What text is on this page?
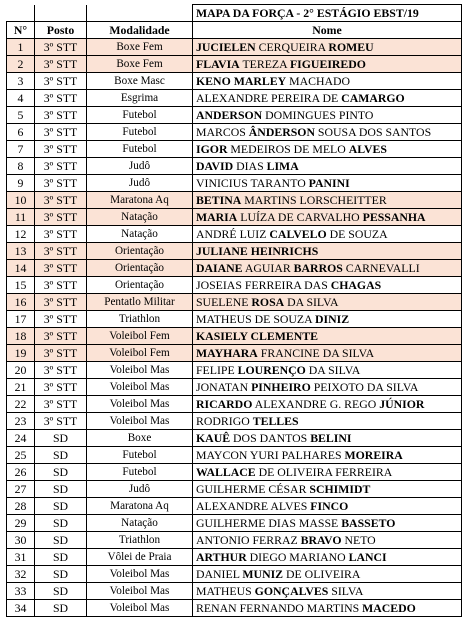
			MAPA DA FORÇA - 2° ESTÁGIO EBST/19
N°	Posto	Modalidade	Nome
1	3º STT	Boxe Fem	JUCIELEN CERQUEIRA ROMEU
2	3º STT	Boxe Fem	FLAVIA TEREZA FIGUEIREDO
3	3º STT	Boxe Masc	KENO MARLEY MACHADO
4	3º STT	Esgrima	ALEXANDRE PEREIRA DE CAMARGO
5	3º STT	Futebol	ANDERSON DOMINGUES PINTO
6	3º STT	Futebol	MARCOS ÂNDERSON SOUSA DOS SANTOS
7	3º STT	Futebol	IGOR MEDEIROS DE MELO ALVES
8	3º STT	Judô	DAVID DIAS LIMA
9	3º STT	Judô	VINICIUS TARANTO PANINI
10	3º STT	Maratona Aq	BETINA MARTINS LORSCHEITTER
11	3º STT	Natação	MARIA LUÍZA DE CARVALHO PESSANHA
12	3º STT	Natação	ANDRÉ LUIZ CALVELO DE SOUZA
13	3º STT	Orientação	JULIANE HEINRICHS
14	3º STT	Orientação	DAIANE AGUIAR BARROS CARNEVALLI
15	3º STT	Orientação	JOSEIAS FERREIRA DAS CHAGAS
16	3º STT	Pentatlo Militar	SUELENE ROSA DA SILVA
17	3º STT	Triathlon	MATHEUS DE SOUZA DINIZ
18	3º STT	Voleibol Fem	KASIELY CLEMENTE
19	3º STT	Voleibol Fem	MAYHARA FRANCINE DA SILVA
20	3º STT	Voleibol Mas	FELIPE LOURENÇO DA SILVA
21	3º STT	Voleibol Mas	JONATAN PINHEIRO PEIXOTO DA SILVA
22	3º STT	Voleibol Mas	RICARDO ALEXANDRE G. REGO JÚNIOR
23	3º STT	Voleibol Mas	RODRIGO TELLES
24	SD	Boxe	KAUÊ DOS DANTOS BELINI
25	SD	Futebol	MAYCON YURI PALHARES MOREIRA
26	SD	Futebol	WALLACE DE OLIVEIRA FERREIRA
27	SD	Judô	GUILHERME CÉSAR SCHIMIDT
28	SD	Maratona Aq	ALEXANDRE ALVES FINCO
29	SD	Natação	GUILHERME DIAS MASSE BASSETO
30	SD	Triathlon	ANTONIO FERRAZ BRAVO NETO
31	SD	Vôlei de Praia	ARTHUR DIEGO MARIANO LANCI
32	SD	Voleibol Mas	DANIEL MUNIZ DE OLIVEIRA
33	SD	Voleibol Mas	MATHEUS GONÇALVES SILVA
34	SD	Voleibol Mas	RENAN FERNANDO MARTINS MACEDO
